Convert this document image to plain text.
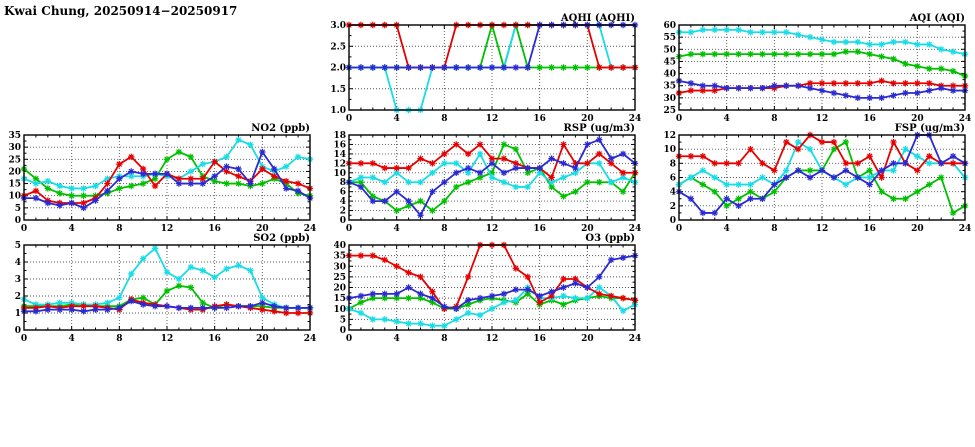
Kwai Chung, 20250914−20250917
1.0
1.5
2.0
2.5
3.0
0	4	8	12	16	20	24
AQHI (AQHI)
25
30
35
40
45
50
55
60
0	4	8	12	16	20	24
AQI (AQI)
0
5
10
15
20
25
30
35
0	4	8	12	16	20	24
NO2 (ppb)
0
2
4
6
8
10
12
14
16
18
0	4	8	12	16	20	24
RSP (ug/m3)
0
2
4
6
8
10
12
0	4	8	12	16	20	24
FSP (ug/m3)
0
1
2
3
4
5
0	4	8	12	16	20	24
SO2 (ppb)
0
5
10
15
20
25
30
35
40
0	4	8	12	16	20	24
O3 (ppb)
